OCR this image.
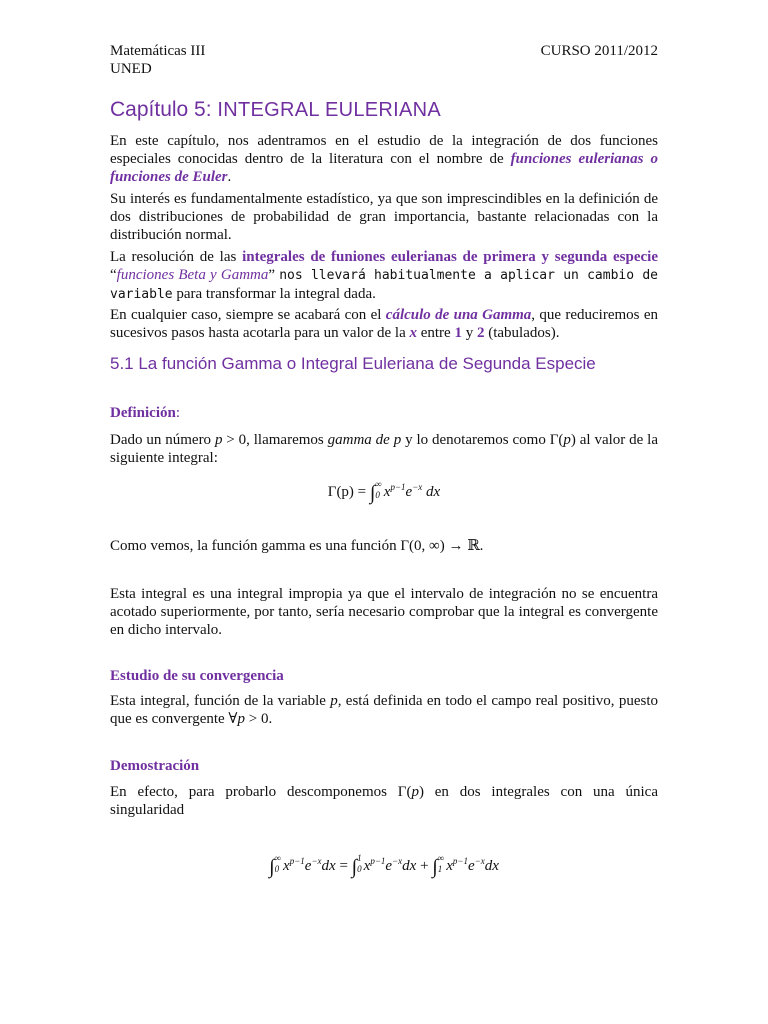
Matemáticas III
UNED
CURSO 2011/2012
Capítulo 5: INTEGRAL EULERIANA

En este capítulo, nos adentramos en el estudio de la integración de dos funciones especiales conocidas dentro de la literatura con el nombre de funciones eulerianas o funciones de Euler.

Su interés es fundamentalmente estadístico, ya que son imprescindibles en la definición de dos distribuciones de probabilidad de gran importancia, bastante relacionadas con la distribución normal.

La resolución de las integrales de funiones eulerianas de primera y segunda especie “funciones Beta y Gamma” nos llevará habitualmente a aplicar un cambio de variable para transformar la integral dada.

En cualquier caso, siempre se acabará con el cálculo de una Gamma, que reduciremos en sucesivos pasos hasta acotarla para un valor de la x entre 1 y 2 (tabulados).

5.1 La función Gamma o Integral Euleriana de Segunda Especie
Definición:

Dado un número p > 0, llamaremos gamma de p y lo denotaremos como Γ(p) al valor de la siguiente integral:

Γ(p) = ∫∞
0 $x^{p-1}e^{-x}$ dx

Como vemos, la función gamma es una función Γ(0, ∞) → ℝ.

Esta integral es una integral impropia ya que el intervalo de integración no se encuentra acotado superiormente, por tanto, sería necesario comprobar que la integral es convergente en dicho intervalo.

Estudio de su convergencia

Esta integral, función de la variable p, está definida en todo el campo real positivo, puesto que es convergente ∀p > 0.

Demostración

En efecto, para probarlo descomponemos Γ(p) en dos integrales con una única singularidad

∫∞
0 $x^{p-1}e^{-x}dx = \int 1$
0 $x^{p-1}e^{-x}dx$ + ∫∞
1 $x^{p-1}e^{-x}dx$
